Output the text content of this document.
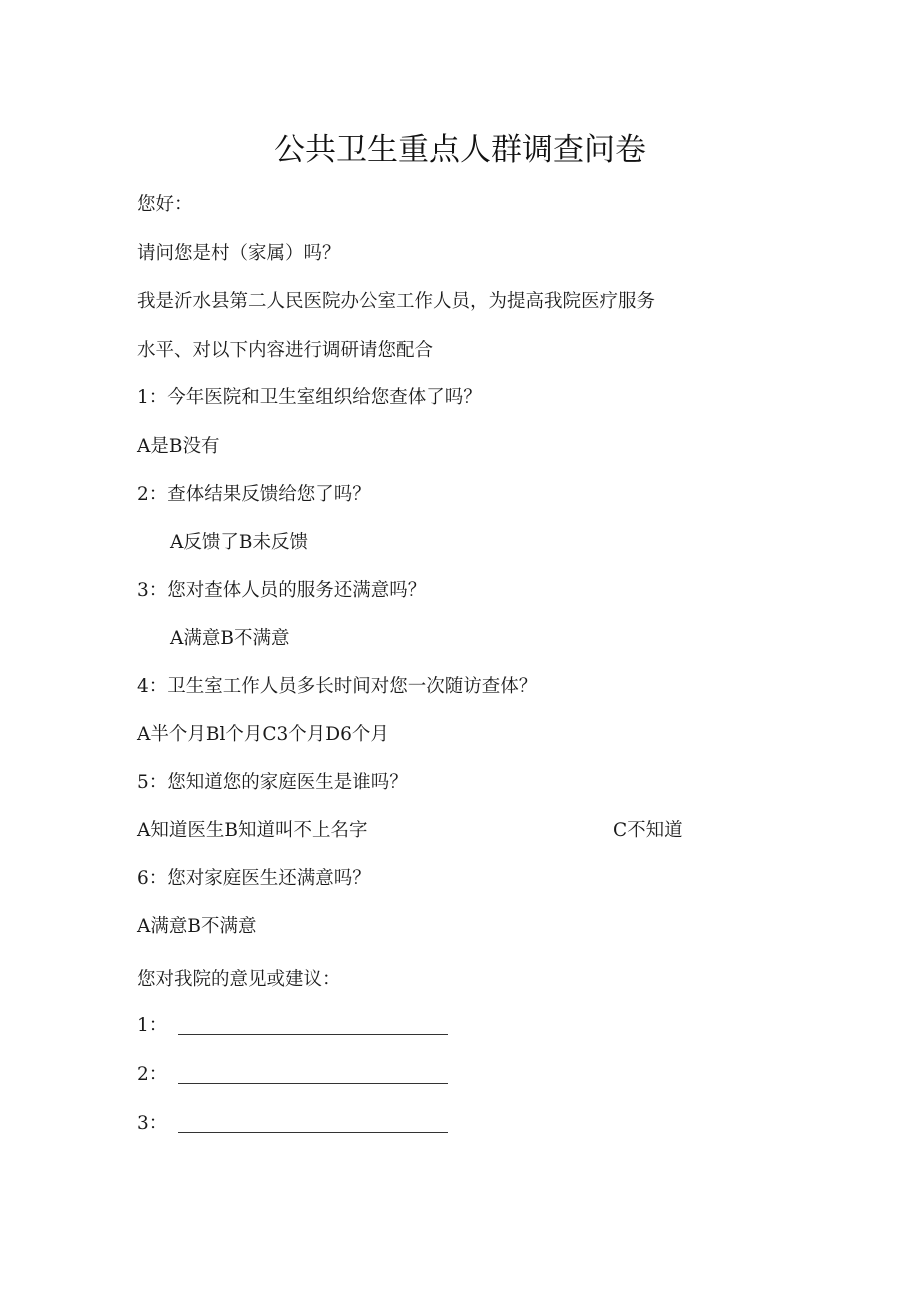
公共卫生重点人群调查问卷
您好：
请问您是村（家属）吗？
我是沂水县第二人民医院办公室工作人员，为提高我院医疗服务
水平、对以下内容进行调研请您配合
1：今年医院和卫生室组织给您查体了吗？
A是B没有
2：查体结果反馈给您了吗？
A反馈了B未反馈
3：您对查体人员的服务还满意吗？
A满意B不满意
4：卫生室工作人员多长时间对您一次随访查体？
A半个月Bl个月C3个月D6个月
5：您知道您的家庭医生是谁吗？
A知道医生B知道叫不上名字	C不知道
6：您对家庭医生还满意吗？
A满意B不满意
您对我院的意见或建议：
1：
2：
3：
